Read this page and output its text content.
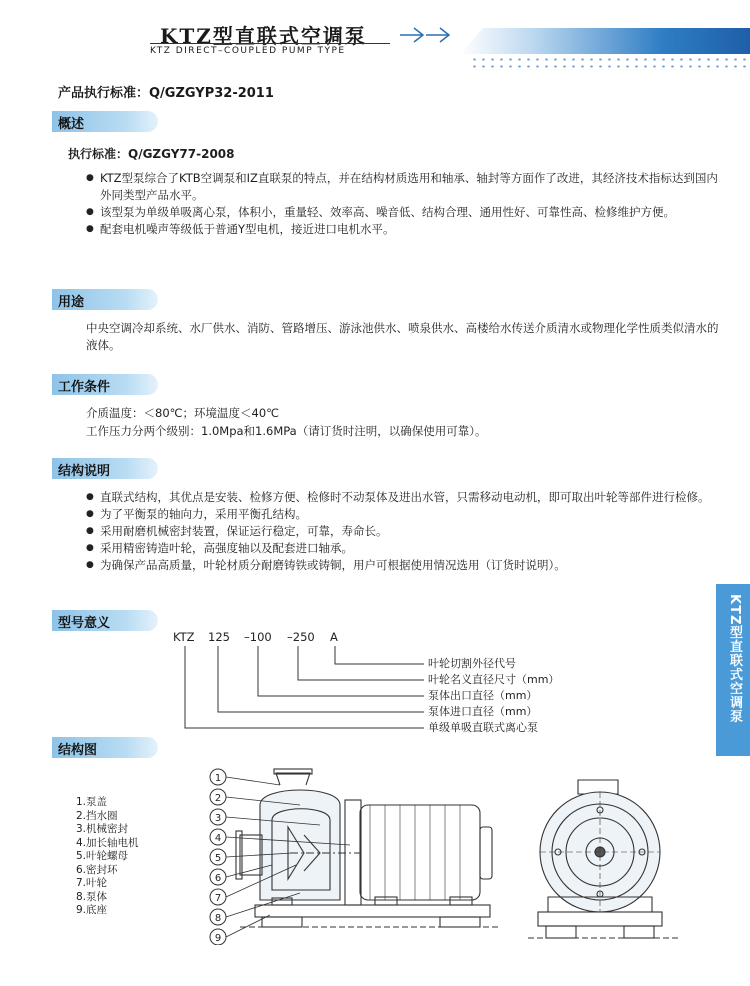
KTZ型直联式空调泵
KTZ DIRECT–COUPLED PUMP TYPE
产品执行标准：Q/GZGYP32-2011
概述
执行标准：Q/GZGY77-2008
● KTZ型泵综合了KTB空调泵和IZ直联泵的特点，并在结构材质选用和轴承、轴封等方面作了改进，其经济技术指标达到国内外同类型产品水平。
● 该型泵为单级单吸离心泵，体积小，重量轻、效率高、噪音低、结构合理、通用性好、可靠性高、检修维护方便。
● 配套电机噪声等级低于普通Y型电机，接近进口电机水平。
用途
中央空调冷却系统、水厂供水、消防、管路增压、游泳池供水、喷泉供水、高楼给水传送介质清水或物理化学性质类似清水的液体。
工作条件
介质温度：＜80℃；环境温度＜40℃
工作压力分两个级别：1.0Mpa和1.6MPa（请订货时注明，以确保使用可靠）。
结构说明
● 直联式结构，其优点是安装、检修方便、检修时不动泵体及进出水管，只需移动电动机，即可取出叶轮等部件进行检修。
● 为了平衡泵的轴向力，采用平衡孔结构。
● 采用耐磨机械密封装置，保证运行稳定，可靠，寿命长。
● 采用精密铸造叶轮，高强度轴以及配套进口轴承。
● 为确保产品高质量，叶轮材质分耐磨铸铁或铸铜，用户可根据使用情况选用（订货时说明）。
KTZ型直联式空调泵
型号意义
KTZ 125 –100 –250 A
叶轮切割外径代号
叶轮名义直径尺寸（mm）
泵体出口直径（mm）
泵体进口直径（mm）
单级单吸直联式离心泵
结构图
1.泵盖
2.挡水圈
3.机械密封
4.加长轴电机
5.叶轮螺母
6.密封环
7.叶轮
8.泵体
9.底座
1
2
3
4
5
6
7
8
9
